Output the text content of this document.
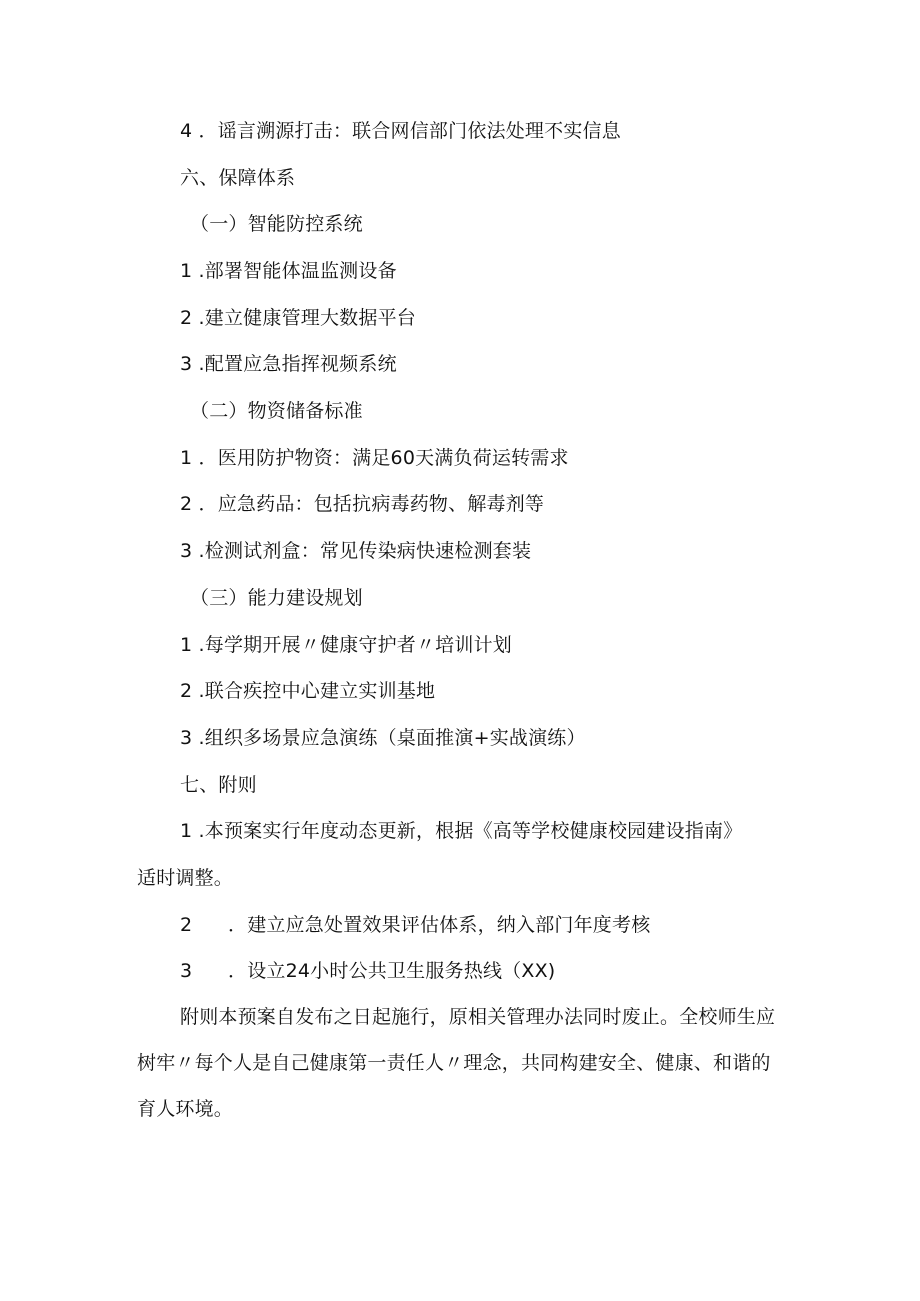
4 ．谣言溯源打击：联合网信部门依法处理不实信息
六、保障体系
（一）智能防控系统
1 .部署智能体温监测设备
2 .建立健康管理大数据平台
3 .配置应急指挥视频系统
（二）物资储备标准
1 ．医用防护物资：满足60天满负荷运转需求
2 ．应急药品：包括抗病毒药物、解毒剂等
3 .检测试剂盒：常见传染病快速检测套装
（三）能力建设规划
1 .每学期开展〃健康守护者〃培训计划
2 .联合疾控中心建立实训基地
3 .组织多场景应急演练（桌面推演+实战演练）
七、附则
1 .本预案实行年度动态更新，根据《高等学校健康校园建设指南》
适时调整。
2 ．建立应急处置效果评估体系，纳入部门年度考核
3 ．设立24小时公共卫生服务热线（XX)
附则本预案自发布之日起施行，原相关管理办法同时废止。全校师生应树牢〃每个人是自己健康第一责任人〃理念，共同构建安全、健康、和谐的育人环境。
